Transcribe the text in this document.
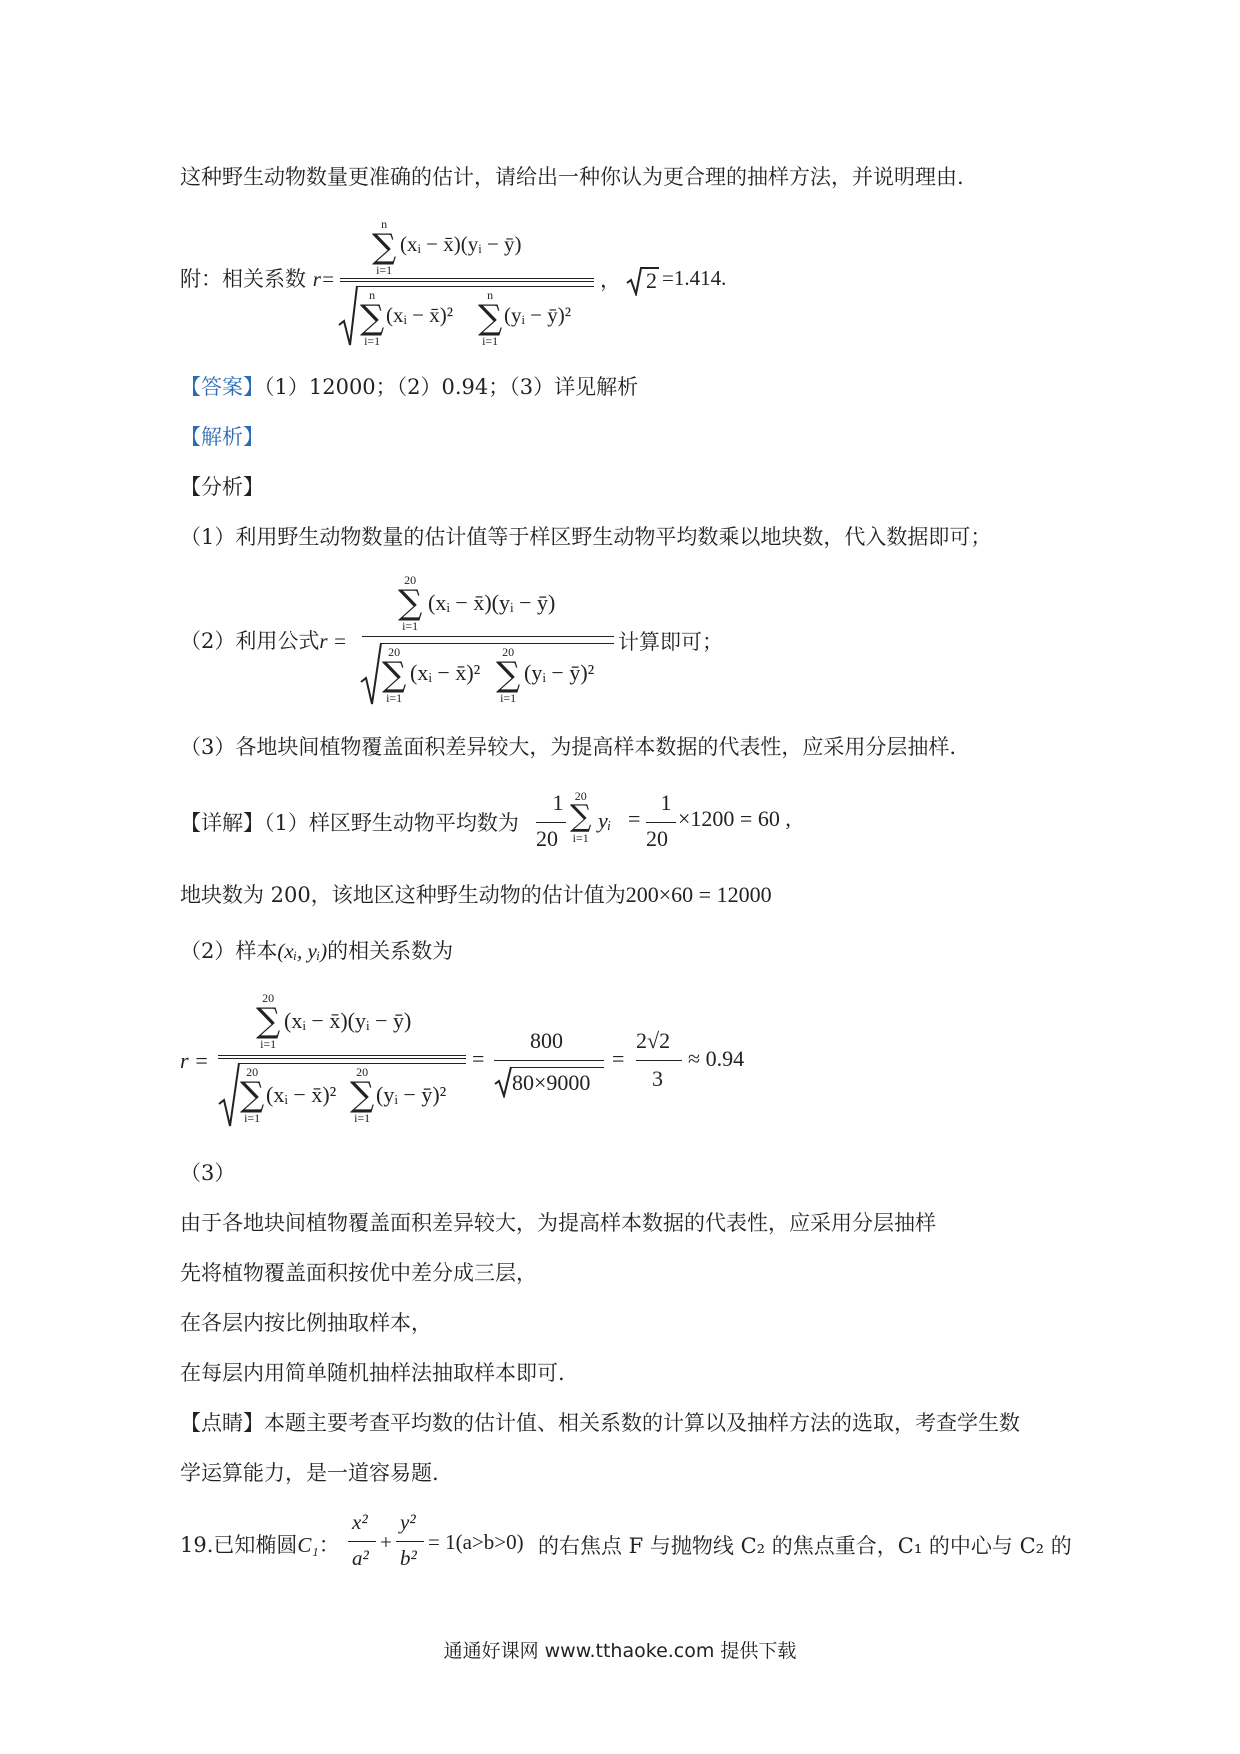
这种野生动物数量更准确的估计，请给出一种你认为更合理的抽样方法，并说明理由.
附：相关系数 r=
n
∑
i=1
(xᵢ − x̄)(yᵢ − ȳ)
n
∑
i=1
(xᵢ − x̄)²
n
∑
i=1
(yᵢ − ȳ)²
， 2 =1.414.
【答案】（1）12000；（2）0.94；（3）详见解析
【解析】
【分析】
（1）利用野生动物数量的估计值等于样区野生动物平均数乘以地块数，代入数据即可；
（2）利用公式r =
20
∑
i=1
(xᵢ − x̄)(yᵢ − ȳ)
20
∑
i=1
(xᵢ − x̄)²
20
∑
i=1
(yᵢ − ȳ)²
计算即可；
（3）各地块间植物覆盖面积差异较大，为提高样本数据的代表性，应采用分层抽样.
【详解】（1）样区野生动物平均数为
1
20
20
∑
i=1
yᵢ =
1
20
×1200 = 60 ,
地块数为 200，该地区这种野生动物的估计值为200×60 = 12000
（2）样本(xᵢ, yᵢ)的相关系数为
r =
20
∑
i=1
(xᵢ − x̄)(yᵢ − ȳ)
20
∑
i=1
(xᵢ − x̄)²
20
∑
i=1
(yᵢ − ȳ)²
=
800
80×9000
=
2√2
3
≈ 0.94
（3）
由于各地块间植物覆盖面积差异较大，为提高样本数据的代表性，应采用分层抽样
先将植物覆盖面积按优中差分成三层，
在各层内按比例抽取样本，
在每层内用简单随机抽样法抽取样本即可.
【点睛】本题主要考查平均数的估计值、相关系数的计算以及抽样方法的选取，考查学生数
学运算能力，是一道容易题.
19.已知椭圆C₁：
x²
a²
+
y²
b²
= 1(a>b>0) 的右焦点 F 与抛物线 C₂ 的焦点重合，C₁ 的中心与 C₂ 的
通通好课网 www.tthaoke.com 提供下载
